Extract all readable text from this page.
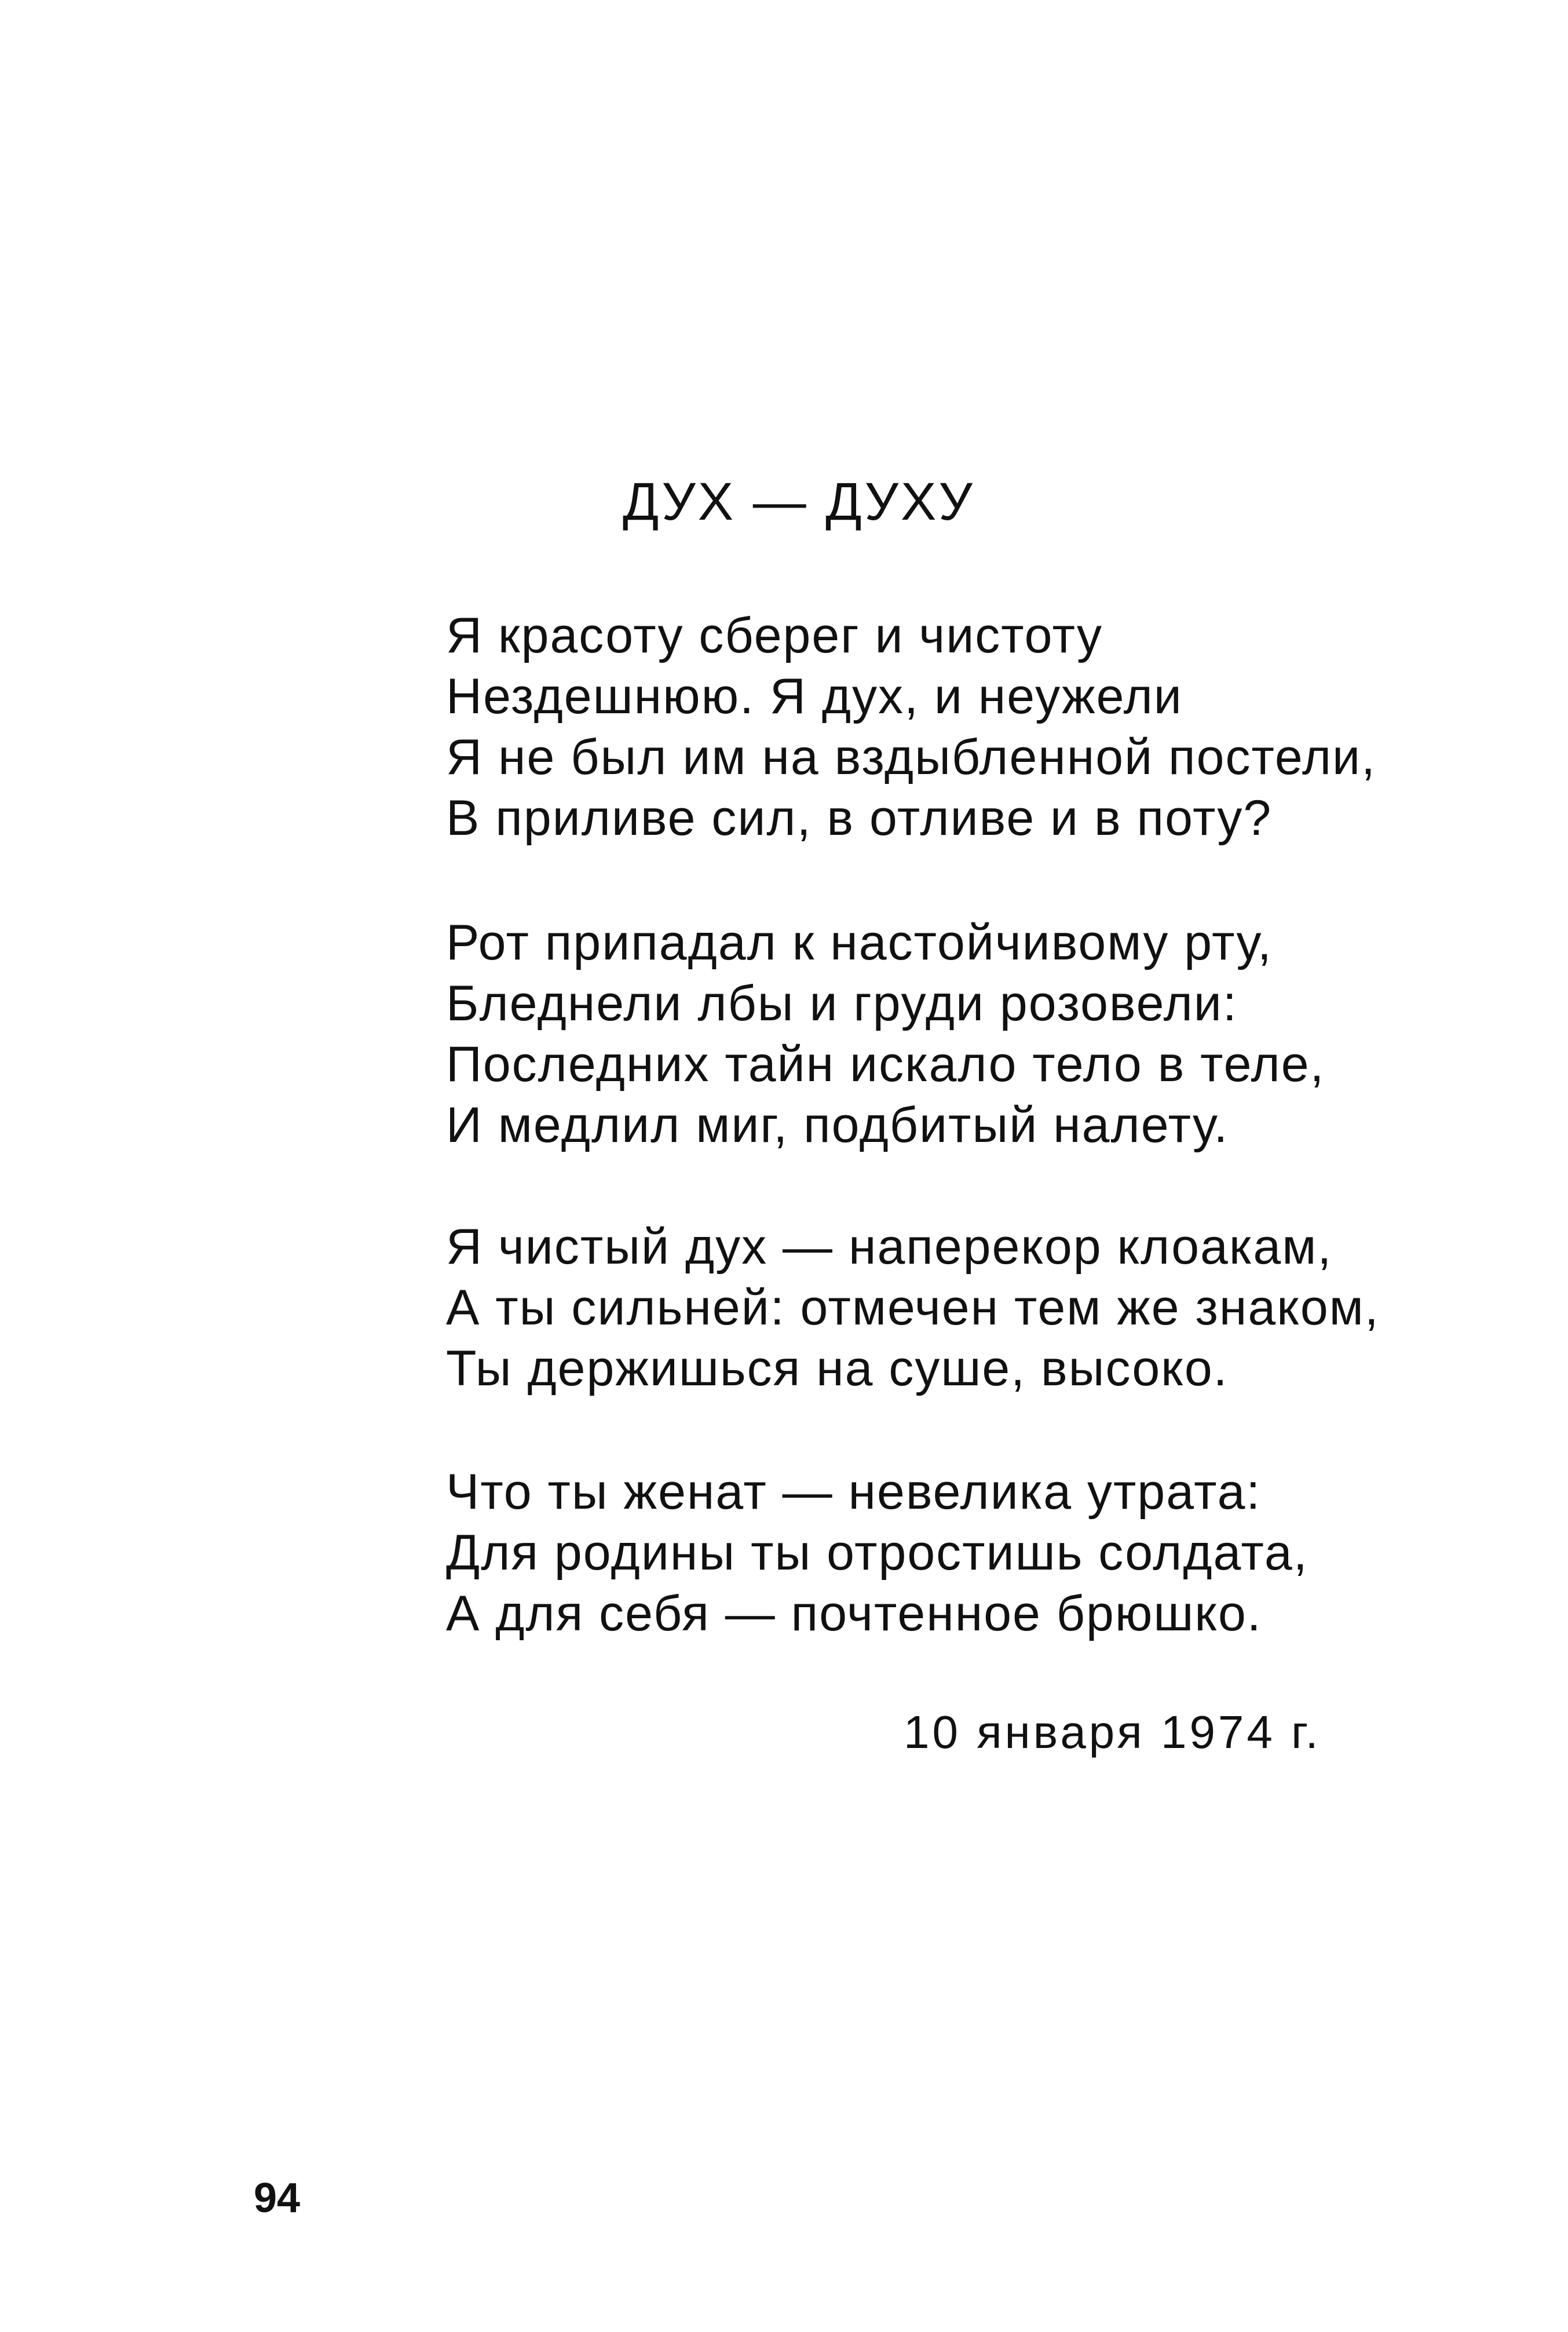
ДУХ — ДУХУ
Я красоту сберег и чистоту
Нездешнюю. Я дух, и неужели
Я не был им на вздыбленной постели,
В приливе сил, в отливе и в поту?
Рот припадал к настойчивому рту,
Бледнели лбы и груди розовели:
Последних тайн искало тело в теле,
И медлил миг, подбитый налету.
Я чистый дух — наперекор клоакам,
А ты сильней: отмечен тем же знаком,
Ты держишься на суше, высоко.
Что ты женат — невелика утрата:
Для родины ты отростишь солдата,
А для себя — почтенное брюшко.
10 января 1974 г.
94
